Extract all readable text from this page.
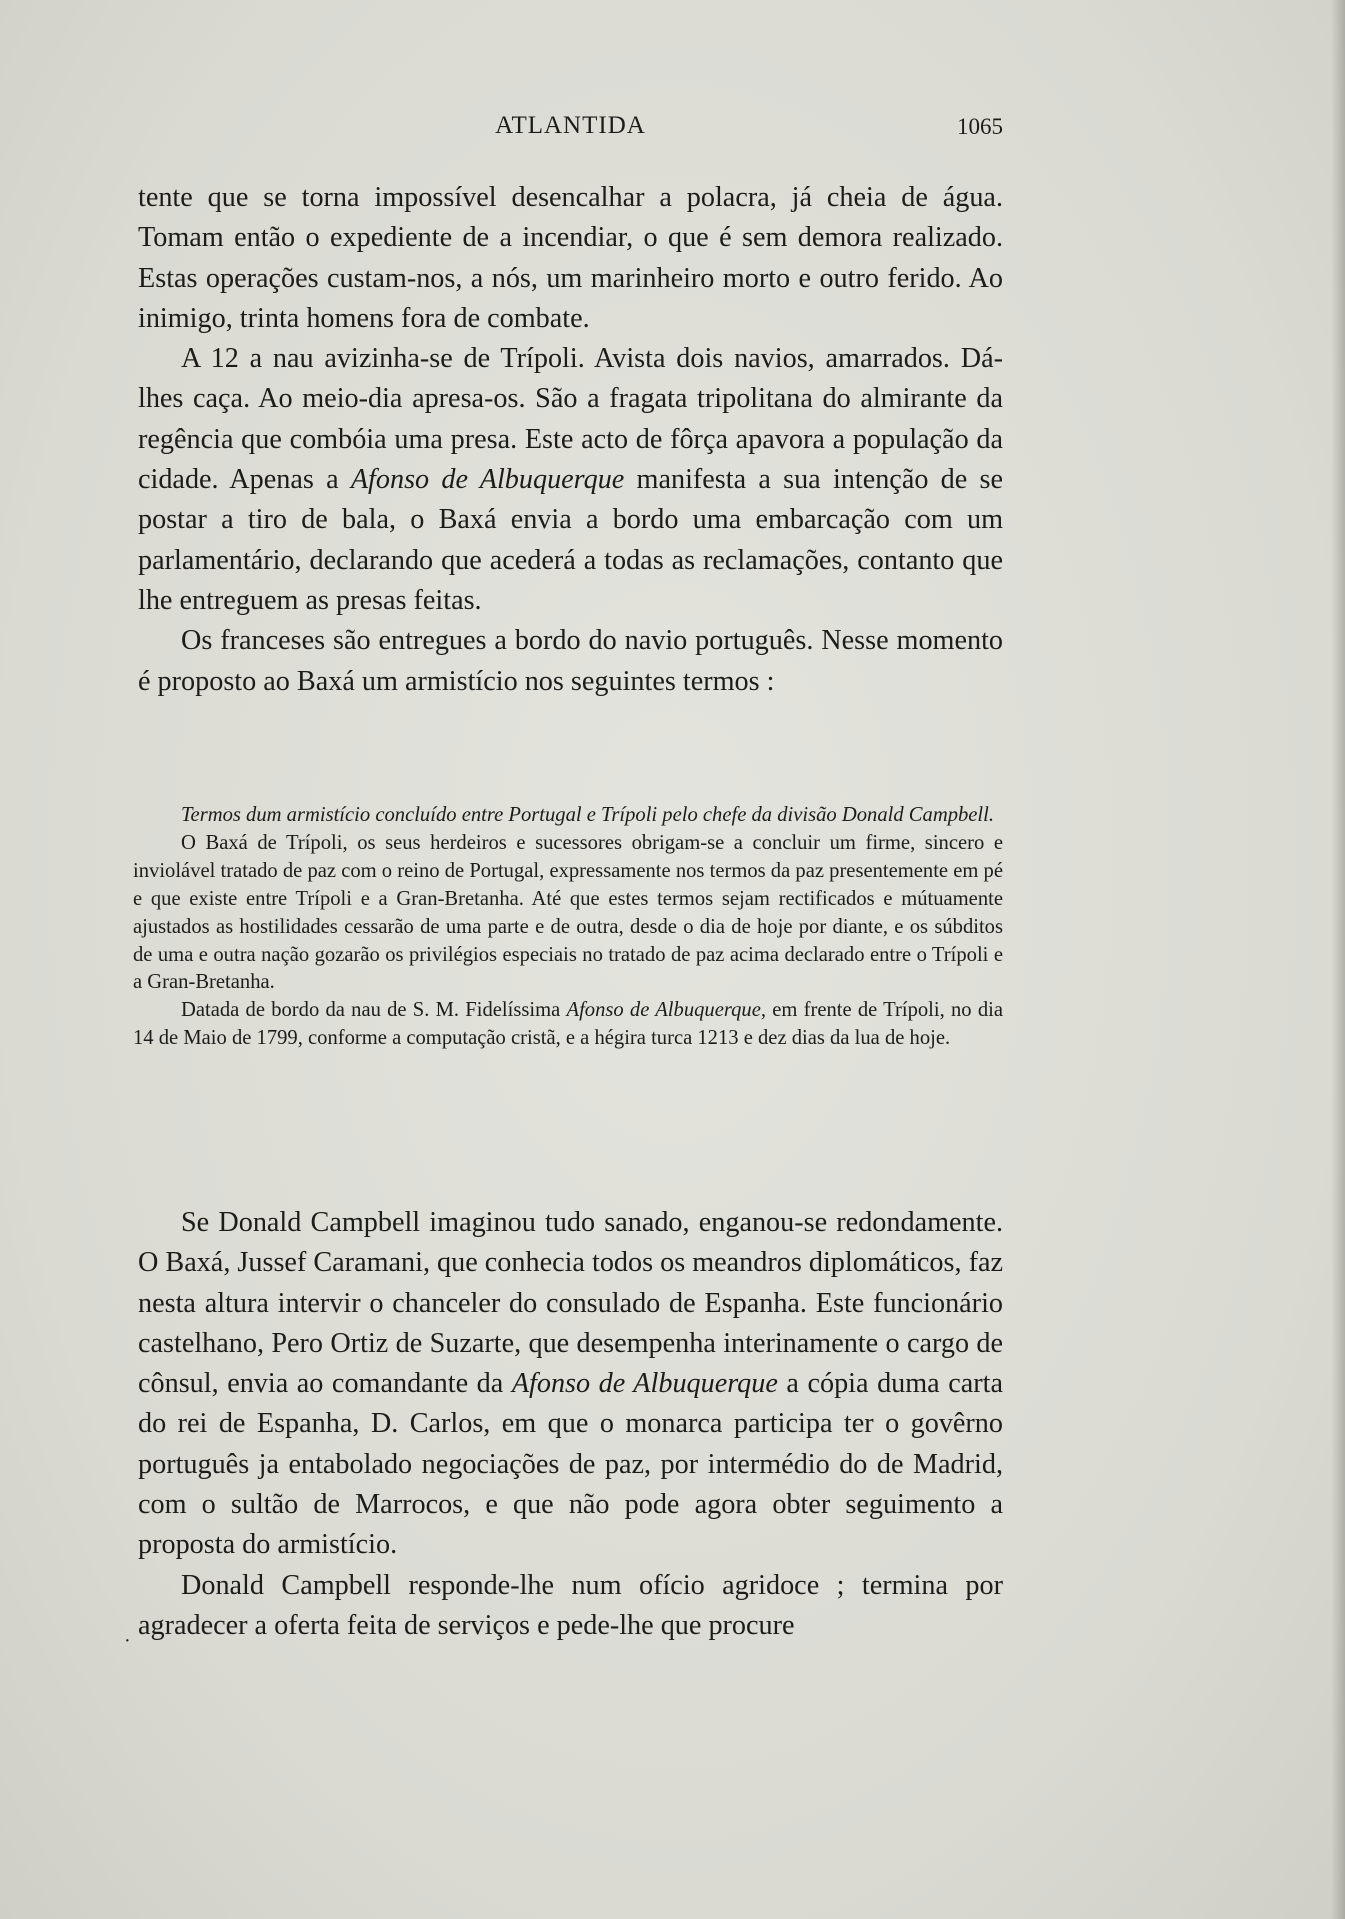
ATLANTIDA	1065

tente que se torna impossível desencalhar a polacra, já cheia de água. Tomam então o expediente de a incendiar, o que é sem demora realizado. Estas operações custam-nos, a nós, um marinheiro morto e outro ferido. Ao inimigo, trinta homens fora de combate.

A 12 a nau avizinha-se de Trípoli. Avista dois navios, amarrados. Dá-lhes caça. Ao meio-dia apresa-os. São a fragata tripolitana do almirante da regência que combóia uma presa. Este acto de fôrça apavora a população da cidade. Apenas a Afonso de Albuquerque manifesta a sua intenção de se postar a tiro de bala, o Baxá envia a bordo uma embarcação com um parlamentário, declarando que acederá a todas as reclamações, contanto que lhe entreguem as presas feitas.

Os franceses são entregues a bordo do navio português. Nesse momento é proposto ao Baxá um armistício nos seguintes termos :

Termos dum armistício concluído entre Portugal e Trípoli pelo chefe da divisão Donald Campbell.

O Baxá de Trípoli, os seus herdeiros e sucessores obrigam-se a concluir um firme, sincero e inviolável tratado de paz com o reino de Portugal, expressamente nos termos da paz presentemente em pé e que existe entre Trípoli e a Gran-Bretanha. Até que estes termos sejam rectificados e mútuamente ajustados as hostilidades cessarão de uma parte e de outra, desde o dia de hoje por diante, e os súbditos de uma e outra nação gozarão os privilégios especiais no tratado de paz acima declarado entre o Trípoli e a Gran-Bretanha.

Datada de bordo da nau de S. M. Fidelíssima Afonso de Albuquerque, em frente de Trípoli, no dia 14 de Maio de 1799, conforme a computação cristã, e a hégira turca 1213 e dez dias da lua de hoje.

Se Donald Campbell imaginou tudo sanado, enganou-se redondamente. O Baxá, Jussef Caramani, que conhecia todos os meandros diplomáticos, faz nesta altura intervir o chanceler do consulado de Espanha. Este funcionário castelhano, Pero Ortiz de Suzarte, que desempenha interinamente o cargo de cônsul, envia ao comandante da Afonso de Albuquerque a cópia duma carta do rei de Espanha, D. Carlos, em que o monarca participa ter o govêrno português ja entabolado negociações de paz, por intermédio do de Madrid, com o sultão de Marrocos, e que não pode agora obter seguimento a proposta do armistício.

Donald Campbell responde-lhe num ofício agridoce ; termina por agradecer a oferta feita de serviços e pede-lhe que procure

·
